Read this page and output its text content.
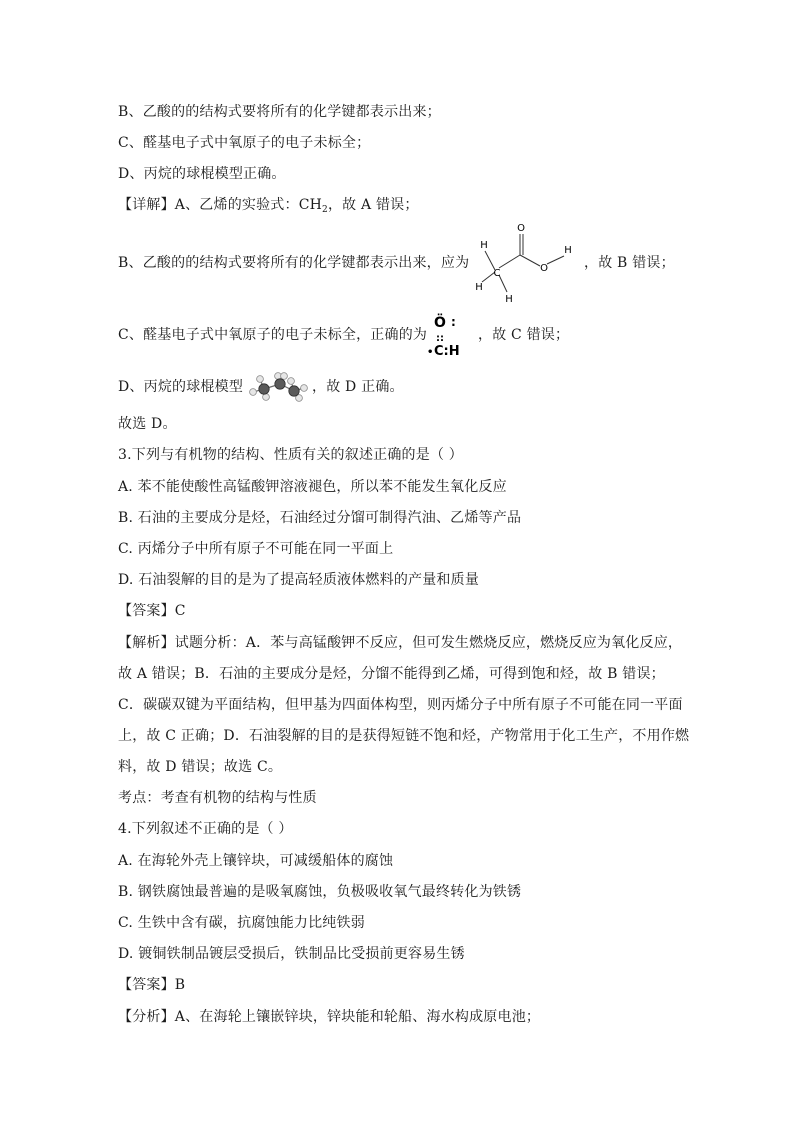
B、乙酸的的结构式要将所有的化学键都表示出来；
C、醛基电子式中氧原子的电子未标全；
D、丙烷的球棍模型正确。
【详解】A、乙烯的实验式：$CH_2$，故 A 错误；
B、乙酸的的结构式要将所有的化学键都表示出来，应为
H
H
H
C
O
O
H
，故 B 错误；
C、醛基电子式中氧原子的电子未标全，正确的为
Ö :
::
• C:H
，故 C 错误；
D、丙烷的球棍模型	，故 D 正确。
故选 D。
3.下列与有机物的结构、性质有关的叙述正确的是（ ）
A. 苯不能使酸性高锰酸钾溶液褪色，所以苯不能发生氧化反应
B. 石油的主要成分是烃，石油经过分馏可制得汽油、乙烯等产品
C. 丙烯分子中所有原子不可能在同一平面上
D. 石油裂解的目的是为了提高轻质液体燃料的产量和质量
【答案】C
【解析】试题分析：A．苯与高锰酸钾不反应，但可发生燃烧反应，燃烧反应为氧化反应，
故 A 错误；B．石油的主要成分是烃，分馏不能得到乙烯，可得到饱和烃，故 B 错误；
C．碳碳双键为平面结构，但甲基为四面体构型，则丙烯分子中所有原子不可能在同一平面
上，故 C 正确；D．石油裂解的目的是获得短链不饱和烃，产物常用于化工生产，不用作燃
料，故 D 错误；故选 C。
考点：考查有机物的结构与性质
4.下列叙述不正确的是（ ）
A. 在海轮外壳上镶锌块，可减缓船体的腐蚀
B. 钢铁腐蚀最普遍的是吸氧腐蚀，负极吸收氧气最终转化为铁锈
C. 生铁中含有碳，抗腐蚀能力比纯铁弱
D. 镀铜铁制品镀层受损后，铁制品比受损前更容易生锈
【答案】B
【分析】A、在海轮上镶嵌锌块，锌块能和轮船、海水构成原电池；
